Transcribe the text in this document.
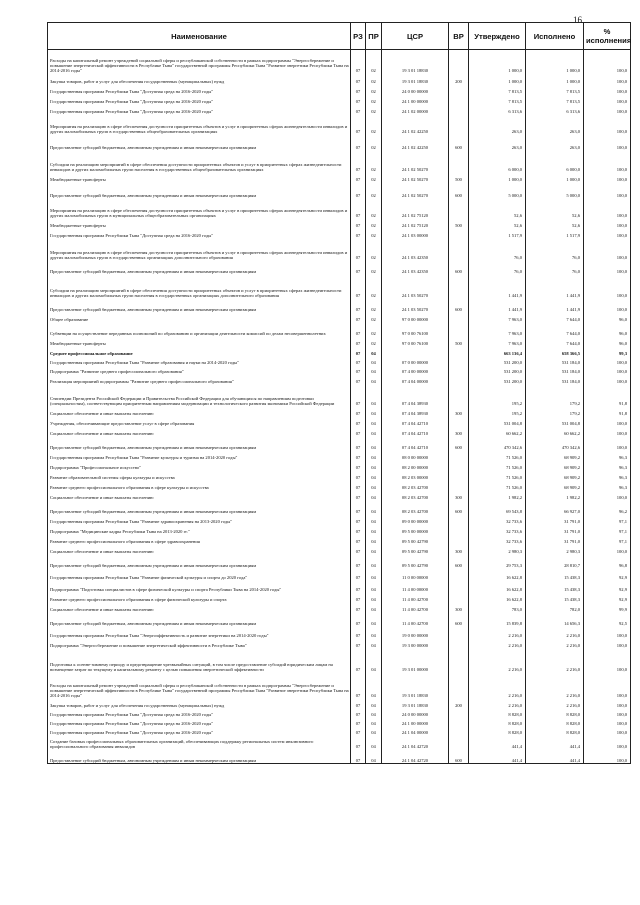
16
Наименование	РЗ	ПР	ЦСР	ВР	Утверждено	Исполнено	% исполнения
Расходы на капитальный ремонт учреждений социальной сферы и республиканской собственности в рамках подпрограммы "Энергосбережение и повышение энергетической эффективности в Республике Тыва" государственной программы Республики Тыва "Развитие энергетики Республики Тыва на 2014-2016 годы"	07	02	19 3 01 18830		1 000,0	1 000,0	100,0
Закупка товаров, работ и услуг для обеспечения государственных (муниципальных) нужд	07	02	19 3 01 18830	200	1 000,0	1 000,0	100,0
Государственная программа Республики Тыва "Доступная среда на 2016-2020 годы"	07	02	24 0 00 00000		7 813,5	7 813,5	100,0
Государственная программа Республики Тыва "Доступная среда на 2016-2020 годы"	07	02	24 1 00 00000		7 813,5	7 813,5	100,0
Государственная программа Республики Тыва "Доступная среда на 2016-2020 годы"	07	02	24 1 02 00000		6 313,6	6 313,6	100,0
Мероприятия на реализацию в сфере обеспечения доступности приоритетных объектов и услуг в приоритетных сферах жизнедеятельности инвалидов и других маломобильных групп в государственных общеобразовательных организациях	07	02	24 1 02 42250		263,0	263,0	100,0
Предоставление субсидий бюджетным, автономным учреждениям и иным некоммерческим организациям	07	02	24 1 02 42250	600	263,0	263,0	100,0
Субсидии на реализацию мероприятий в сфере обеспечения доступности приоритетных объектов и услуг в приоритетных сферах жизнедеятельности инвалидов и других маломобильных групп населения в государственных общеобразовательных организациях	07	02	24 1 02 50270		6 000,0	6 000,0	100,0
Межбюджетные трансферты	07	02	24 1 02 50270	500	1 000,0	1 000,0	100,0
Предоставление субсидий бюджетным, автономным учреждениям и иным некоммерческим организациям	07	02	24 1 02 50270	600	5 000,0	5 000,0	100,0
Мероприятия на реализацию в сфере обеспечения доступности приоритетных объектов и услуг в приоритетных сферах жизнедеятельности инвалидов и других маломобильных групп в муниципальных общеобразовательных организациях	07	02	24 1 02 75120		52,6	52,6	100,0
Межбюджетные трансферты	07	02	24 1 02 75120	500	52,6	52,6	100,0
Государственная программа Республики Тыва "Доступная среда на 2016-2020 годы"	07	02	24 1 03 00000		1 517,9	1 517,9	100,0
Мероприятия на реализацию в сфере обеспечения доступности приоритетных объектов и услуг в приоритетных сферах жизнедеятельности инвалидов и других маломобильных групп в государственных организациях дополнительного образования	07	02	24 1 03 42350		76,0	76,0	100,0
Предоставление субсидий бюджетным, автономным учреждениям и иным некоммерческим организациям	07	02	24 1 03 42350	600	76,0	76,0	100,0
Субсидии на реализацию мероприятий в сфере обеспечения доступности приоритетных объектов и услуг в приоритетных сферах жизнедеятельности инвалидов и других маломобильных групп населения в государственных организациях дополнительного образования	07	02	24 1 03 50270		1 441,9	1 441,9	100,0
Предоставление субсидий бюджетным, автономным учреждениям и иным некоммерческим организациям	07	02	24 1 03 50270	600	1 441,9	1 441,9	100,0
Общее образование	07	02	97 0 00 00000		7 963,0	7 644,0	96,0
Субвенции на осуществление переданных полномочий по образованию и организации деятельности комиссий по делам несовершеннолетних	07	02	97 0 00 76100		7 963,0	7 644,0	96,0
Межбюджетные трансферты	07	02	97 0 00 76100	500	7 963,0	7 644,0	96,0
Среднее профессиональное образование	07	04			663 136,4	658 366,5	99,3
Государственная программа Республики Тыва "Развитие образования и науки на 2014-2020 годы"	07	04	07 0 00 00000		531 200,0	531 184,0	100,0
Подпрограмма "Развитие среднего профессионального образования"	07	04	07 4 00 00000		531 200,0	531 184,0	100,0
Реализация мероприятий подпрограммы "Развитие среднего профессионального образования"	07	04	07 4 04 00000		531 200,0	531 184,0	100,0
Стипендии Президента Российской Федерации и Правительства Российской Федерации для обучающихся по направлениям подготовки (специальностям), соответствующим приоритетным направлениям модернизации и технологического развития экономики Российской Федерации	07	04	07 4 04 38930		195,2	179,2	91,8
Социальное обеспечение и иные выплаты населению	07	04	07 4 04 38930	300	195,2	179,2	91,8
Учреждения, обеспечивающие предоставление услуг в сфере образования	07	04	07 4 04 42710		531 004,8	531 004,8	100,0
Социальное обеспечение и иные выплаты населению	07	04	07 4 04 42710	300	60 662,2	60 662,2	100,0
Предоставление субсидий бюджетным, автономным учреждениям и иным некоммерческим организациям	07	04	07 4 04 42710	600	470 342,6	470 342,6	100,0
Государственная программа Республики Тыва "Развитие культуры и туризма на 2014-2020 годы"	07	04	08 0 00 00000		71 526,0	68 909,2	96,3
Подпрограмма "Профессиональное искусство"	07	04	08 2 00 00000		71 526,0	68 909,2	96,3
Развитие образовательной системы сферы культуры и искусства	07	04	08 2 03 00000		71 526,0	68 909,2	96,3
Развитие среднего профессионального образования в сфере культуры и искусства	07	04	08 2 03 42700		71 526,0	68 909,2	96,3
Социальное обеспечение и иные выплаты населению	07	04	08 2 03 42700	300	1 982,2	1 982,2	100,0
Предоставление субсидий бюджетным, автономным учреждениям и иным некоммерческим организациям	07	04	08 2 03 42700	600	69 543,8	66 927,0	96,2
Государственная программа Республики Тыва "Развитие здравоохранения на 2013-2020 годы"	07	04	09 0 00 00000		32 733,6	31 791,0	97,1
Подпрограмма "Медицинские кадры Республики Тыва на 2013-2020 гг."	07	04	09 5 00 00000		32 733,6	31 791,0	97,1
Развитие среднего профессионального образования в сфере здравоохранения	07	04	09 5 00 42790		32 733,6	31 791,0	97,1
Социальное обеспечение и иные выплаты населению	07	04	09 5 00 42790	300	2 980,3	2 980,3	100,0
Предоставление субсидий бюджетным, автономным учреждениям и иным некоммерческим организациям	07	04	09 5 00 42790	600	29 753,3	28 810,7	96,8
Государственная программа Республики Тыва "Развитие физической культуры и спорта до 2020 года"	07	04	11 0 00 00000		16 622,8	15 438,3	92,9
Подпрограмма "Подготовка специалистов в сфере физической культуры и спорта Республики Тыва на 2014-2020 годы"	07	04	11 4 00 00000		16 622,8	15 438,3	92,9
Развитие среднего профессионального образования в сфере физической культуры и спорта	07	04	11 4 00 42700		16 622,8	15 438,3	92,9
Социальное обеспечение и иные выплаты населению	07	04	11 4 00 42700	300	783,0	782,0	99,9
Предоставление субсидий бюджетным, автономным учреждениям и иным некоммерческим организациям	07	04	11 4 00 42700	600	15 839,8	14 656,3	92,5
Государственная программа Республики Тыва "Энергоэффективность и развитие энергетики на 2014-2020 годы"	07	04	19 0 00 00000		2 216,0	2 216,0	100,0
Подпрограмма "Энергосбережение и повышение энергетической эффективности в Республике Тыва"	07	04	19 3 00 00000		2 216,0	2 216,0	100,0
Подготовка к осенне-зимнему периоду и предотвращение чрезвычайных ситуаций, в том числе предоставление субсидий юридическим лицам на возмещение затрат по текущему и капитальному ремонту с целью повышения энергетической эффективности	07	04	19 3 01 00000		2 216,0	2 216,0	100,0
Расходы на капитальный ремонт учреждений социальной сферы и республиканской собственности в рамках подпрограммы "Энергосбережение и повышение энергетической эффективности в Республике Тыва" государственной программы Республики Тыва "Развитие энергетики Республики Тыва на 2014-2016 годы"	07	04	19 3 01 18830		2 216,0	2 216,0	100,0
Закупка товаров, работ и услуг для обеспечения государственных (муниципальных) нужд	07	04	19 3 01 18830	200	2 216,0	2 216,0	100,0
Государственная программа Республики Тыва "Доступная среда на 2016-2020 годы"	07	04	24 0 00 00000		8 828,0	8 828,0	100,0
Государственная программа Республики Тыва "Доступная среда на 2016-2020 годы"	07	04	24 1 00 00000		8 828,0	8 828,0	100,0
Государственная программа Республики Тыва "Доступная среда на 2016-2020 годы"	07	04	24 1 04 00000		8 828,0	8 828,0	100,0
Создание базовых профессиональных образовательных организаций, обеспечивающих поддержку региональных систем инклюзивного профессионального образования инвалидов	07	04	24 1 04 42720		441,4	441,4	100,0
Предоставление субсидий бюджетным, автономным учреждениям и иным некоммерческим организациям	07	04	24 1 04 42720	600	441,4	441,4	100,0
